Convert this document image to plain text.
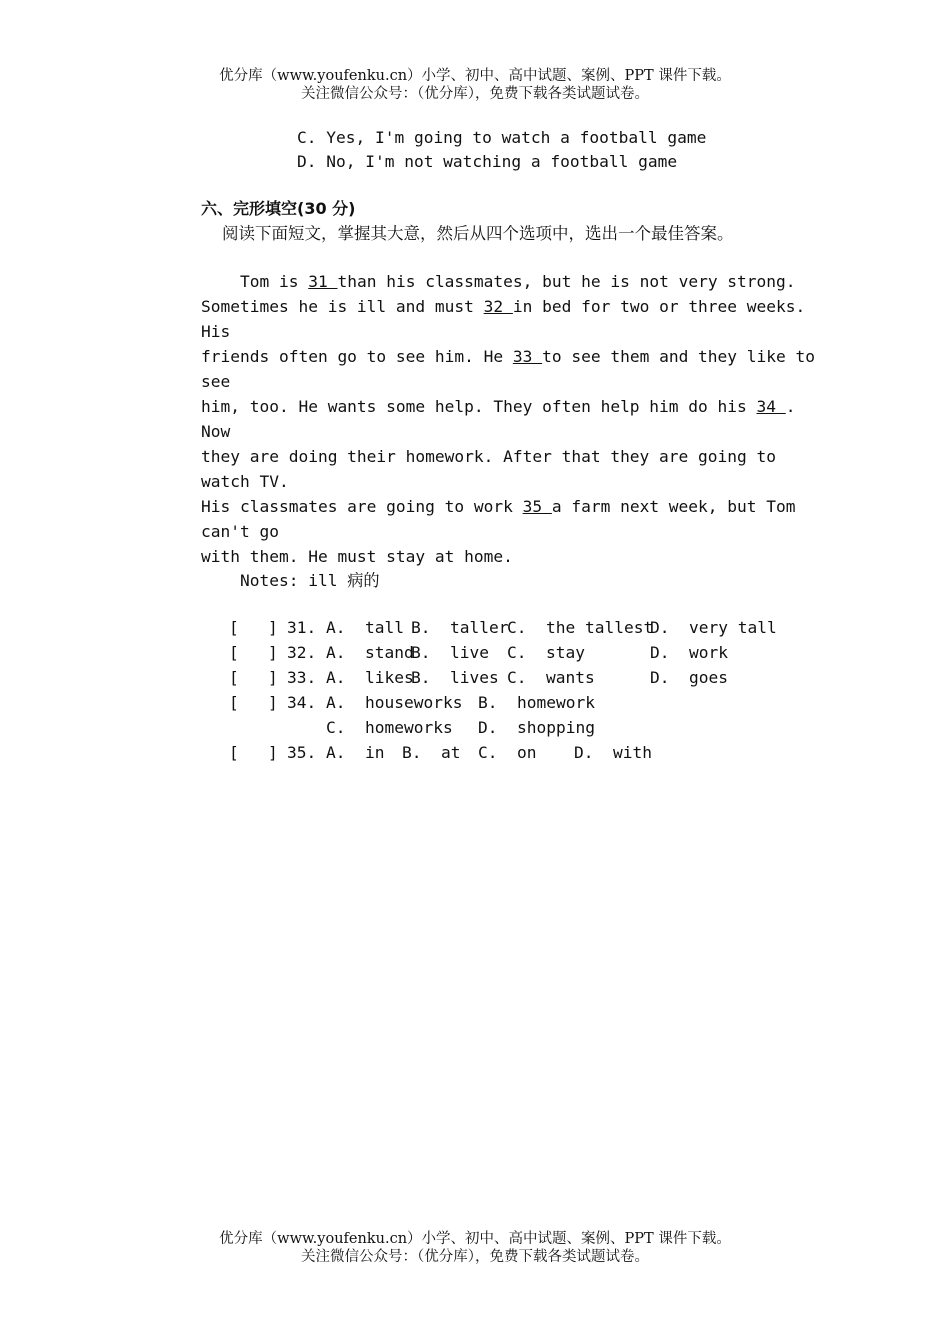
优分库（www.youfenku.cn）小学、初中、高中试题、案例、PPT 课件下载。
关注微信公众号：（优分库），免费下载各类试题试卷。
C. Yes, I'm going to watch a football game
D. No, I'm not watching a football game
六、完形填空(30 分)
阅读下面短文，掌握其大意，然后从四个选项中，选出一个最佳答案。
Tom is 31 than his classmates, but he is not very strong.
Sometimes he is ill and must 32 in bed for two or three weeks.
His
friends often go to see him. He 33 to see them and they like to
see
him, too. He wants some help. They often help him do his 34 .
Now
they are doing their homework. After that they are going to
watch TV.
His classmates are going to work 35 a farm next week, but Tom
can't go
with them. He must stay at home.
Notes: ill 病的
[ ] 31. A.  tall B.  taller
C.  the tallest
D.  very tall
[ ] 32. A.  stand
B.  live C.  stay	D.  work
[ ] 33. A.  likes
B.  lives C.  wants	D.  goes
[ ] 34. A.  houseworks B.  homework
C.  homeworks D.  shopping
[ ] 35. A.  in B.  at C.  on D.  with
优分库（www.youfenku.cn）小学、初中、高中试题、案例、PPT 课件下载。
关注微信公众号：（优分库），免费下载各类试题试卷。
